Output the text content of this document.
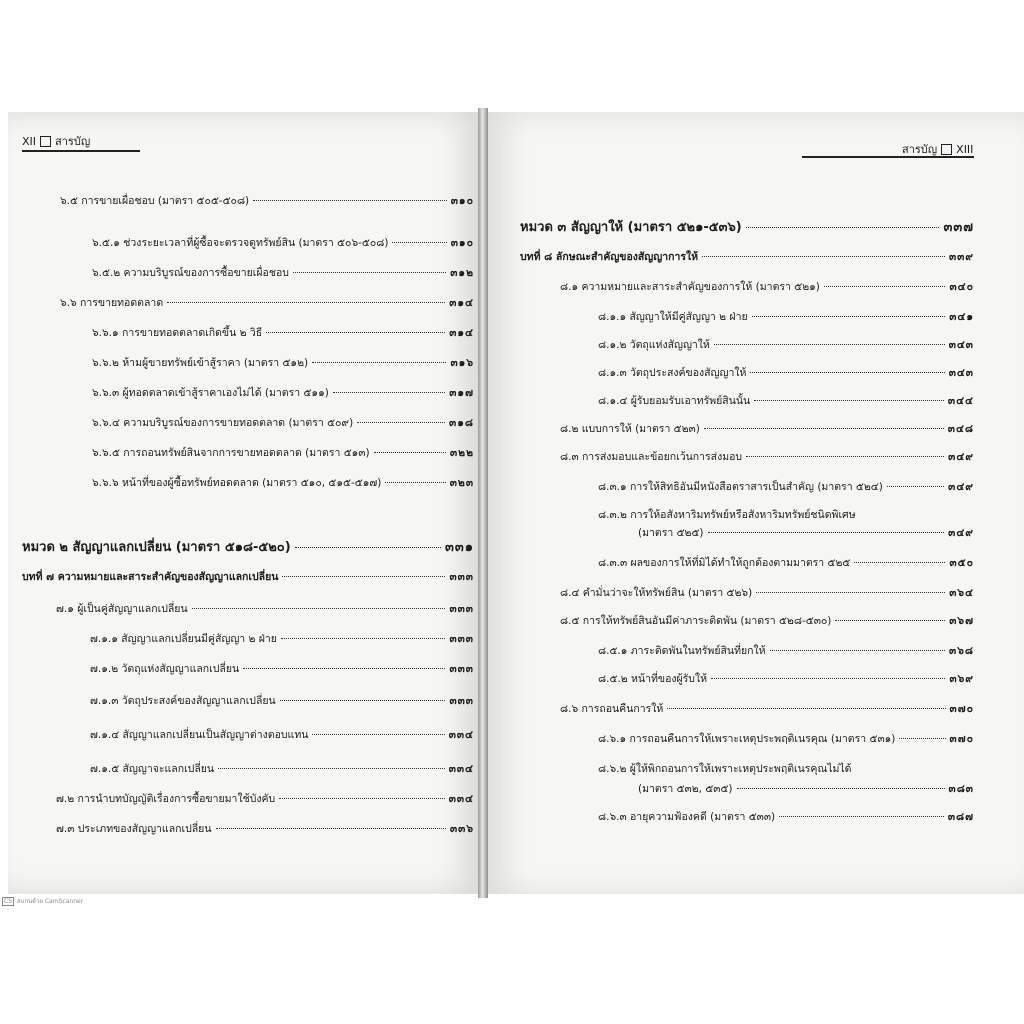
XII สารบัญ
สารบัญ XIII
๖.๕ การขายเผื่อชอบ (มาตรา ๕๐๕-๕๐๘)	๓๑๐
๖.๕.๑ ช่วงระยะเวลาที่ผู้ซื้อจะตรวจดูทรัพย์สิน (มาตรา ๕๐๖-๕๐๘)	๓๑๐
๖.๕.๒ ความบริบูรณ์ของการซื้อขายเผื่อชอบ	๓๑๒
๖.๖ การขายทอดตลาด	๓๑๔
๖.๖.๑ การขายทอดตลาดเกิดขึ้น ๒ วิธี	๓๑๔
๖.๖.๒ ห้ามผู้ขายทรัพย์เข้าสู้ราคา (มาตรา ๕๑๒)	๓๑๖
๖.๖.๓ ผู้ทอดตลาดเข้าสู้ราคาเองไม่ได้ (มาตรา ๕๑๑)	๓๑๗
๖.๖.๔ ความบริบูรณ์ของการขายทอดตลาด (มาตรา ๕๐๙)	๓๑๘
๖.๖.๕ การถอนทรัพย์สินจากการขายทอดตลาด (มาตรา ๕๑๓)	๓๒๒
๖.๖.๖ หน้าที่ของผู้ซื้อทรัพย์ทอดตลาด (มาตรา ๕๑๐, ๕๑๕-๕๑๗)	๓๒๓
หมวด ๒ สัญญาแลกเปลี่ยน (มาตรา ๕๑๘-๕๒๐)	๓๓๑
บทที่ ๗ ความหมายและสาระสำคัญของสัญญาแลกเปลี่ยน	๓๓๓
๗.๑ ผู้เป็นคู่สัญญาแลกเปลี่ยน	๓๓๓
๗.๑.๑ สัญญาแลกเปลี่ยนมีคู่สัญญา ๒ ฝ่าย	๓๓๓
๗.๑.๒ วัตถุแห่งสัญญาแลกเปลี่ยน	๓๓๓
๗.๑.๓ วัตถุประสงค์ของสัญญาแลกเปลี่ยน	๓๓๓
๗.๑.๔ สัญญาแลกเปลี่ยนเป็นสัญญาต่างตอบแทน	๓๓๔
๗.๑.๕ สัญญาจะแลกเปลี่ยน	๓๓๔
๗.๒ การนำบทบัญญัติเรื่องการซื้อขายมาใช้บังคับ	๓๓๔
๗.๓ ประเภทของสัญญาแลกเปลี่ยน	๓๓๖
หมวด ๓ สัญญาให้ (มาตรา ๕๒๑-๕๓๖)	๓๓๗
บทที่ ๘ ลักษณะสำคัญของสัญญาการให้	๓๓๙
๘.๑ ความหมายและสาระสำคัญของการให้ (มาตรา ๕๒๑)	๓๔๐
๘.๑.๑ สัญญาให้มีคู่สัญญา ๒ ฝ่าย	๓๔๑
๘.๑.๒ วัตถุแห่งสัญญาให้	๓๔๓
๘.๑.๓ วัตถุประสงค์ของสัญญาให้	๓๔๓
๘.๑.๔ ผู้รับยอมรับเอาทรัพย์สินนั้น	๓๔๔
๘.๒ แบบการให้ (มาตรา ๕๒๓)	๓๔๘
๘.๓ การส่งมอบและข้อยกเว้นการส่งมอบ	๓๔๙
๘.๓.๑ การให้สิทธิอันมีหนังสือตราสารเป็นสำคัญ (มาตรา ๕๒๔)	๓๔๙
๘.๓.๒ การให้อสังหาริมทรัพย์หรือสังหาริมทรัพย์ชนิดพิเศษ
(มาตรา ๕๒๕)	๓๔๙
๘.๓.๓ ผลของการให้ที่มิได้ทำให้ถูกต้องตามมาตรา ๕๒๕	๓๕๐
๘.๔ คำมั่นว่าจะให้ทรัพย์สิน (มาตรา ๕๒๖)	๓๖๔
๘.๕ การให้ทรัพย์สินอันมีค่าภาระติดพัน (มาตรา ๕๒๘-๕๓๐)	๓๖๗
๘.๕.๑ ภาระติดพันในทรัพย์สินที่ยกให้	๓๖๘
๘.๕.๒ หน้าที่ของผู้รับให้	๓๖๙
๘.๖ การถอนคืนการให้	๓๗๐
๘.๖.๑ การถอนคืนการให้เพราะเหตุประพฤติเนรคุณ (มาตรา ๕๓๑)	๓๗๐
๘.๖.๒ ผู้ให้พิกถอนการให้เพราะเหตุประพฤติเนรคุณไม่ได้
(มาตรา ๕๓๒, ๕๓๕)	๓๘๓
๘.๖.๓ อายุความฟ้องคดี (มาตรา ๕๓๓)	๓๘๗
CS สแกนด้วย CamScanner
